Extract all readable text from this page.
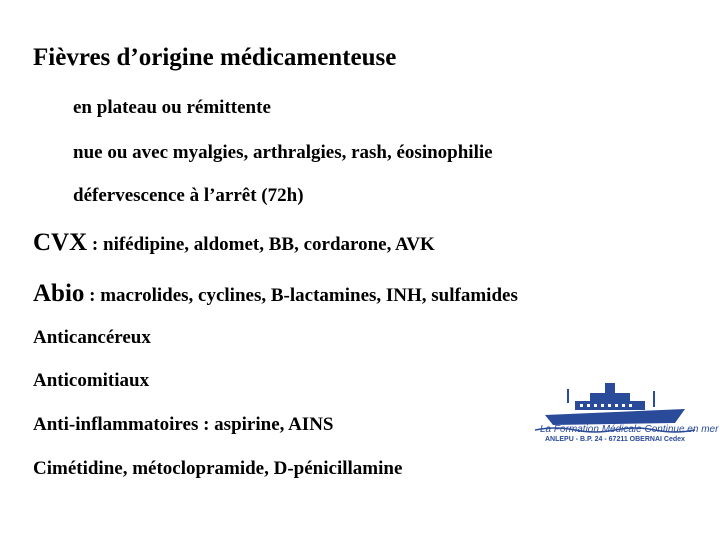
Fièvres d’origine médicamenteuse
en plateau ou rémittente
nue ou avec myalgies, arthralgies, rash, éosinophilie
défervescence à l’arrêt (72h)
CVX : nifédipine, aldomet, BB, cordarone, AVK
Abio : macrolides, cyclines, B-lactamines, INH, sulfamides
Anticancéreux
Anticomitiaux
Anti-inflammatoires : aspirine, AINS
Cimétidine, métoclopramide, D-pénicillamine
La Formation Médicale Continue en mer
ANLEPU - B.P. 24 - 67211 OBERNAI Cedex
